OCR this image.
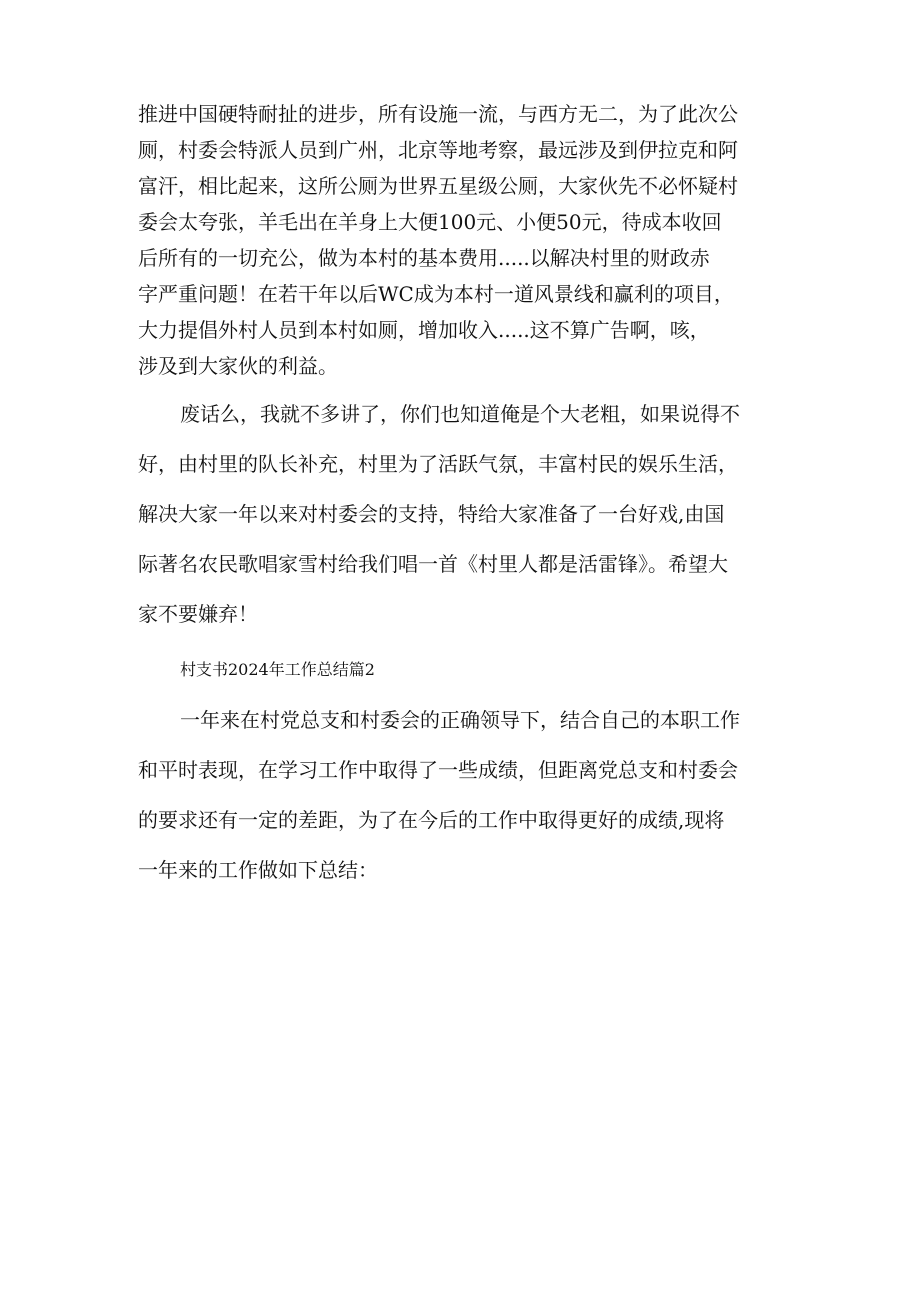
推进中国硬特耐扯的进步，所有设施一流，与西方无二，为了此次公

厕，村委会特派人员到广州，北京等地考察，最远涉及到伊拉克和阿

富汗，相比起来，这所公厕为世界五星级公厕，大家伙先不必怀疑村

委会太夸张，羊毛出在羊身上大便100元、小便50元，待成本收回

后所有的一切充公，做为本村的基本费用.....以解决村里的财政赤

字严重问题！在若干年以后WC成为本村一道风景线和赢利的项目，

大力提倡外村人员到本村如厕，增加收入.....这不算广告啊，咳，

涉及到大家伙的利益。

废话么，我就不多讲了，你们也知道俺是个大老粗，如果说得不

好，由村里的队长补充，村里为了活跃气氛，丰富村民的娱乐生活，

解决大家一年以来对村委会的支持，特给大家准备了一台好戏,由国

际著名农民歌唱家雪村给我们唱一首《村里人都是活雷锋》。希望大

家不要嫌弃！

村支书2024年工作总结篇2

一年来在村党总支和村委会的正确领导下，结合自己的本职工作

和平时表现，在学习工作中取得了一些成绩，但距离党总支和村委会

的要求还有一定的差距，为了在今后的工作中取得更好的成绩,现将

一年来的工作做如下总结：
